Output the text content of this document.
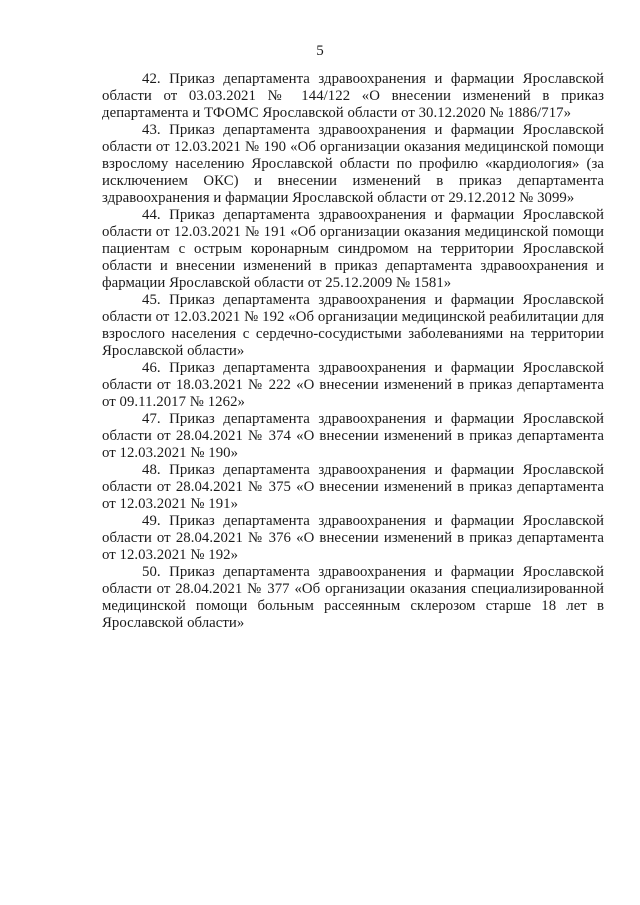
5

42. Приказ департамента здравоохранения и фармации Ярославской области от 03.03.2021 № 144/122 «О внесении изменений в приказ департамента и ТФОМС Ярославской области от 30.12.2020 № 1886/717»

43. Приказ департамента здравоохранения и фармации Ярославской области от 12.03.2021 № 190 «Об организации оказания медицинской помощи взрослому населению Ярославской области по профилю «кардиология» (за исключением ОКС) и внесении изменений в приказ департамента здравоохранения и фармации Ярославской области от 29.12.2012 № 3099»

44. Приказ департамента здравоохранения и фармации Ярославской области от 12.03.2021 № 191 «Об организации оказания медицинской помощи пациентам с острым коронарным синдромом на территории Ярославской области и внесении изменений в приказ департамента здравоохранения и фармации Ярославской области от 25.12.2009 № 1581»

45. Приказ департамента здравоохранения и фармации Ярославской области от 12.03.2021 № 192 «Об организации медицинской реабилитации для взрослого населения с сердечно-сосудистыми заболеваниями на территории Ярославской области»

46. Приказ департамента здравоохранения и фармации Ярославской области от 18.03.2021 № 222 «О внесении изменений в приказ департамента от 09.11.2017 № 1262»

47. Приказ департамента здравоохранения и фармации Ярославской области от 28.04.2021 № 374 «О внесении изменений в приказ департамента от 12.03.2021 № 190»

48. Приказ департамента здравоохранения и фармации Ярославской области от 28.04.2021 № 375 «О внесении изменений в приказ департамента от 12.03.2021 № 191»

49. Приказ департамента здравоохранения и фармации Ярославской области от 28.04.2021 № 376 «О внесении изменений в приказ департамента от 12.03.2021 № 192»

50. Приказ департамента здравоохранения и фармации Ярославской области от 28.04.2021 № 377 «Об организации оказания специализированной медицинской помощи больным рассеянным склерозом старше 18 лет в Ярославской области»
